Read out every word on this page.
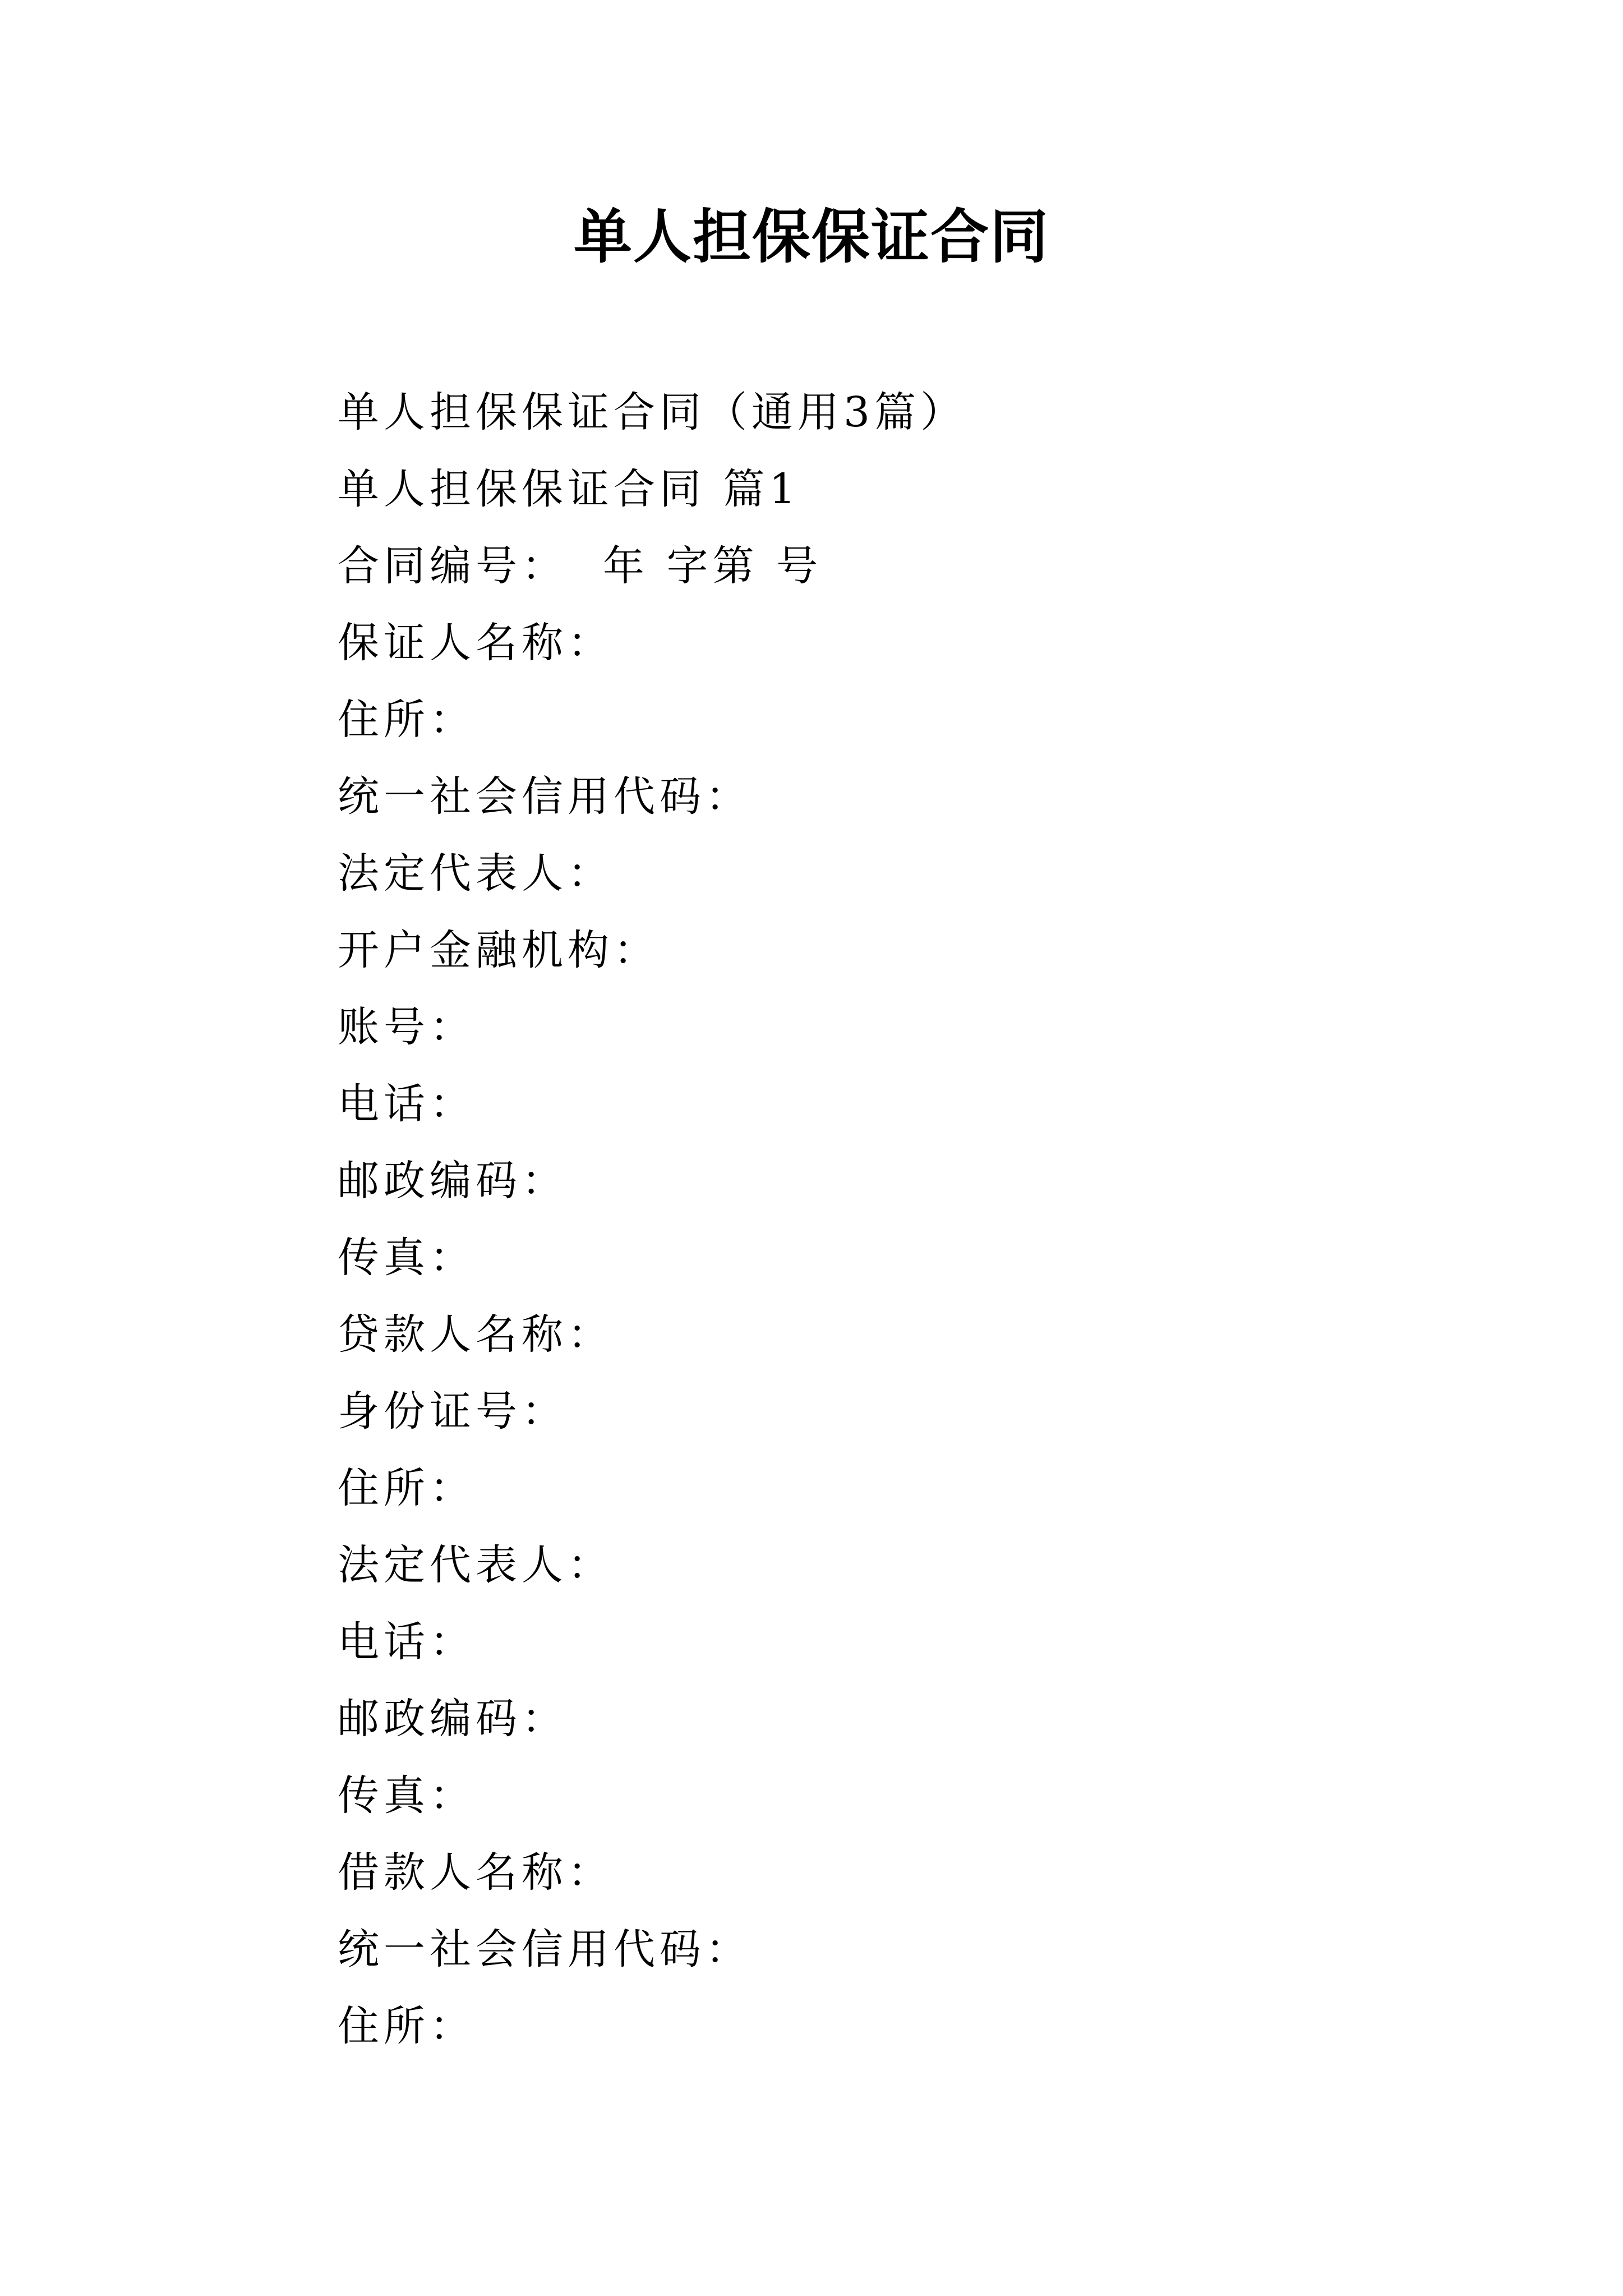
单人担保保证合同
单人担保保证合同（通用3篇）
单人担保保证合同 篇1
合同编号：  年 字第 号
保证人名称：
住所：
统一社会信用代码：
法定代表人：
开户金融机构：
账号：
电话：
邮政编码：
传真：
贷款人名称：
身份证号：
住所：
法定代表人：
电话：
邮政编码：
传真：
借款人名称：
统一社会信用代码：
住所：
